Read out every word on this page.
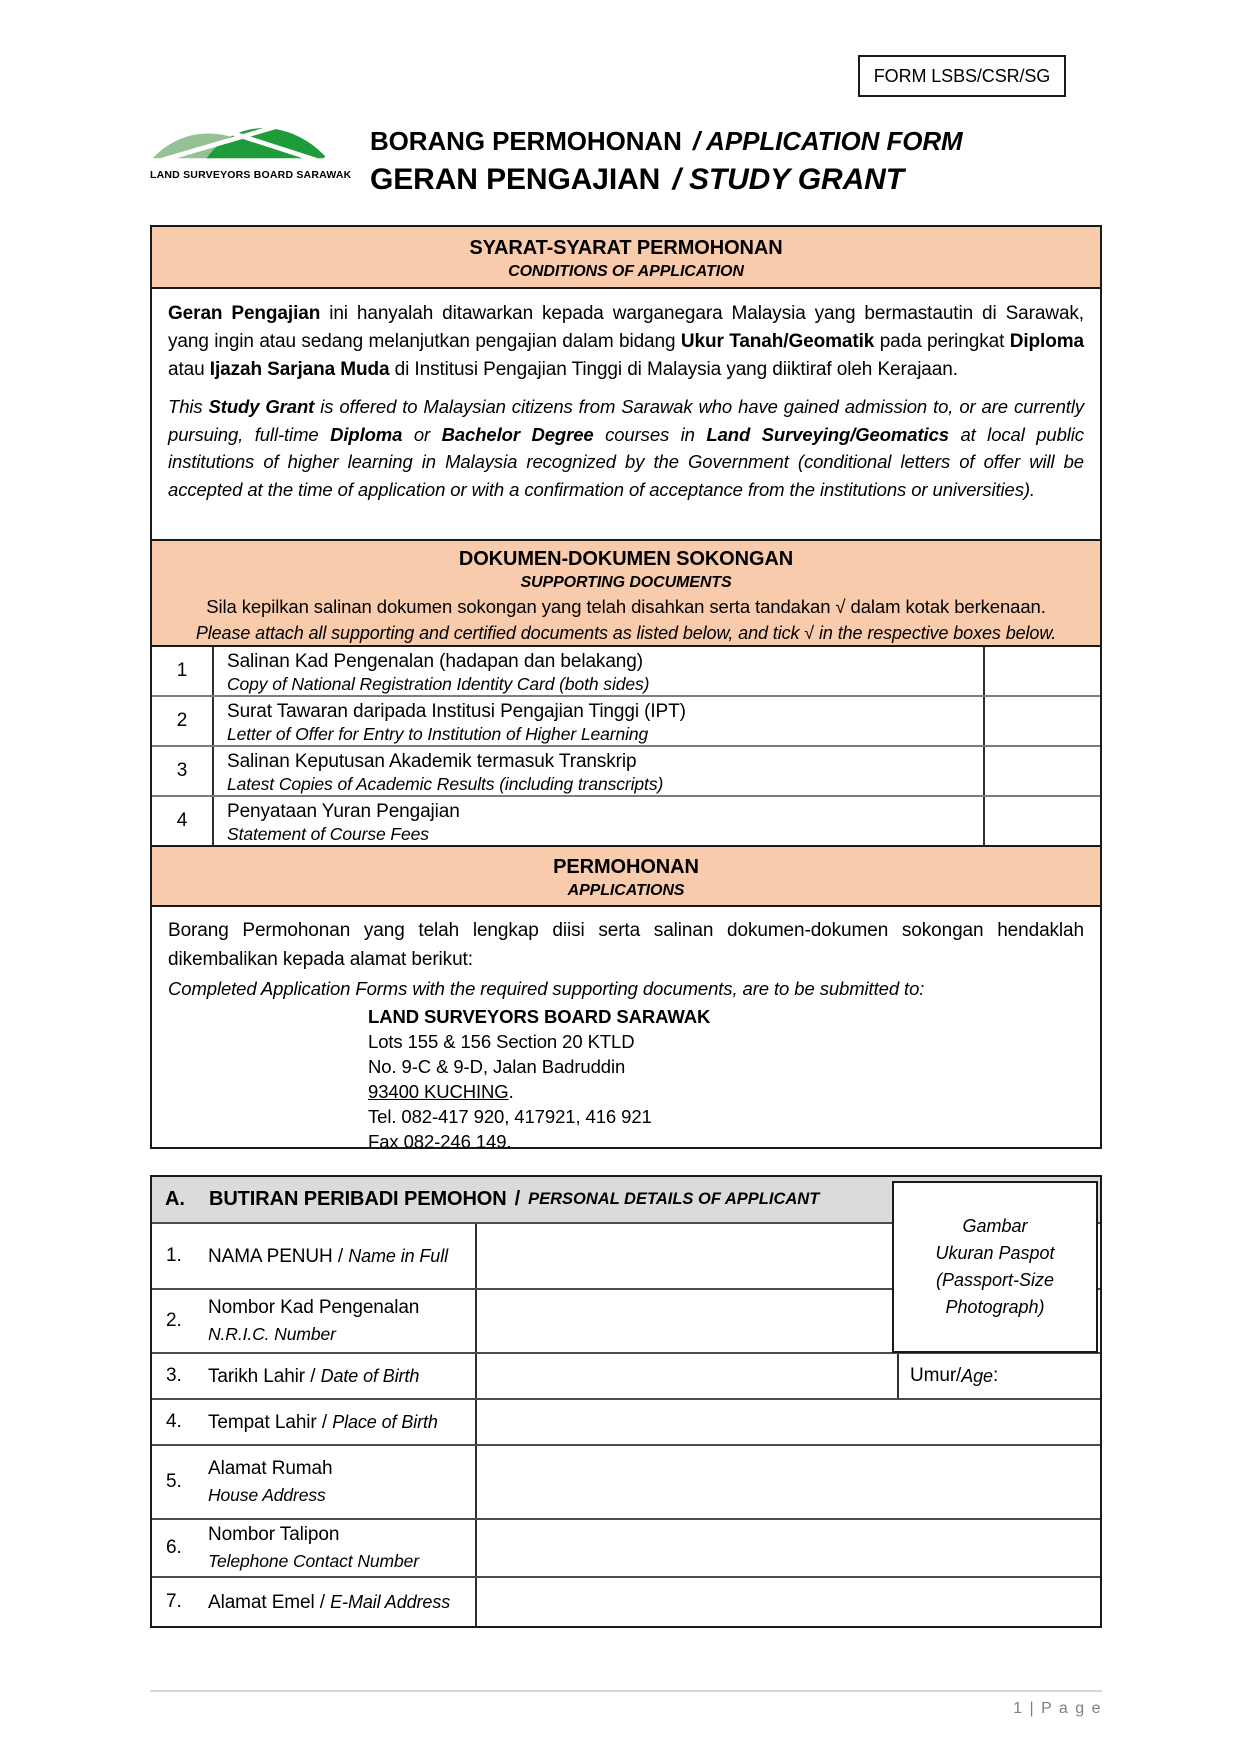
FORM LSBS/CSR/SG
LAND SURVEYORS BOARD SARAWAK
BORANG PERMOHONAN / APPLICATION FORM
GERAN PENGAJIAN / STUDY GRANT
SYARAT-SYARAT PERMOHONAN
CONDITIONS OF APPLICATION

Geran Pengajian ini hanyalah ditawarkan kepada warganegara Malaysia yang bermastautin di Sarawak, yang ingin atau sedang melanjutkan pengajian dalam bidang Ukur Tanah/Geomatik pada peringkat Diploma atau Ijazah Sarjana Muda di Institusi Pengajian Tinggi di Malaysia yang diiktiraf oleh Kerajaan.

This Study Grant is offered to Malaysian citizens from Sarawak who have gained admission to, or are currently pursuing, full-time Diploma or Bachelor Degree courses in Land Surveying/Geomatics at local public institutions of higher learning in Malaysia recognized by the Government (conditional letters of offer will be accepted at the time of application or with a confirmation of acceptance from the institutions or universities).

DOKUMEN-DOKUMEN SOKONGAN
SUPPORTING DOCUMENTS
Sila kepilkan salinan dokumen sokongan yang telah disahkan serta tandakan √ dalam kotak berkenaan.
Please attach all supporting and certified documents as listed below, and tick √ in the respective boxes below.
1	Salinan Kad Pengenalan (hadapan dan belakang)
Copy of National Registration Identity Card (both sides)
2	Surat Tawaran daripada Institusi Pengajian Tinggi (IPT)
Letter of Offer for Entry to Institution of Higher Learning
3	Salinan Keputusan Akademik termasuk Transkrip
Latest Copies of Academic Results (including transcripts)
4	Penyataan Yuran Pengajian
Statement of Course Fees
PERMOHONAN
APPLICATIONS

Borang Permohonan yang telah lengkap diisi serta salinan dokumen-dokumen sokongan hendaklah dikembalikan kepada alamat berikut:

Completed Application Forms with the required supporting documents, are to be submitted to:

LAND SURVEYORS BOARD SARAWAK
Lots 155 & 156 Section 20 KTLD
No. 9-C & 9-D, Jalan Badruddin
93400 KUCHING.
Tel. 082-417 920, 417921, 416 921
Fax 082-246 149.
Gambar
Ukuran Paspot
(Passport-Size
Photograph)
A.	BUTIRAN PERIBADI PEMOHON / PERSONAL DETAILS OF APPLICANT
1.	NAMA PENUH / Name in Full
2.
Nombor Kad Pengenalan
N.R.I.C. Number
3.	Tarikh Lahir / Date of Birth	Umur / Age :
4.	Tempat Lahir / Place of Birth
5.
Alamat Rumah
House Address
6.
Nombor Talipon
Telephone Contact Number
7.	Alamat Emel / E-Mail Address
1 | P a g e
